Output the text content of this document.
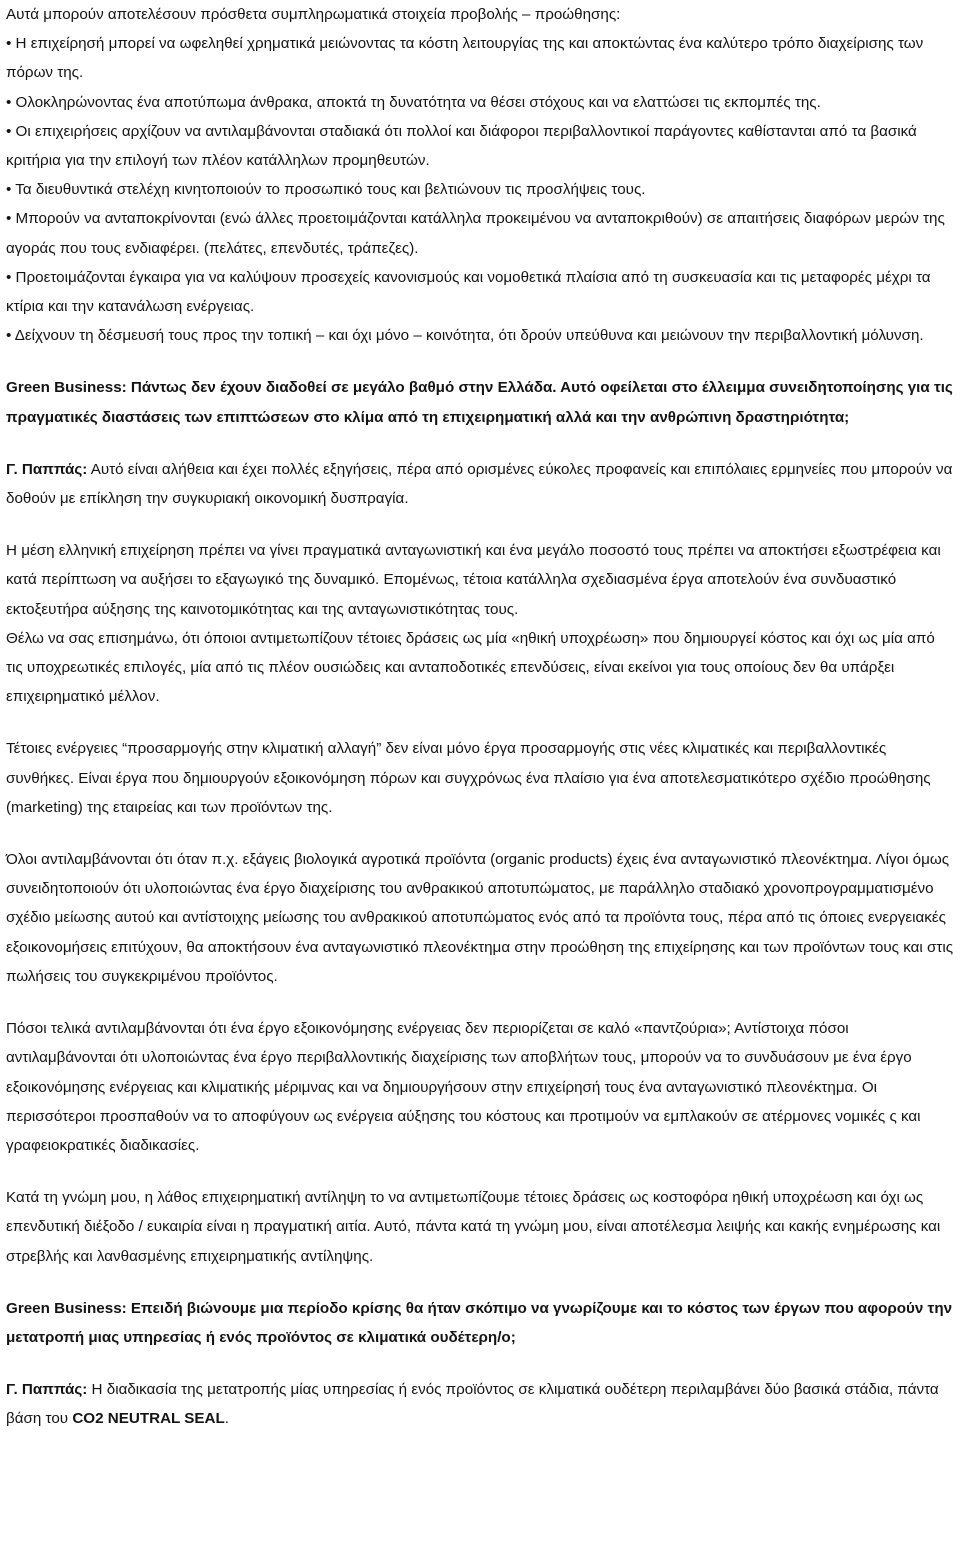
Αυτά μπορούν αποτελέσουν πρόσθετα συμπληρωματικά στοιχεία προβολής – προώθησης:

• Η επιχείρησή μπορεί να ωφεληθεί χρηματικά μειώνοντας τα κόστη λειτουργίας της και αποκτώντας ένα καλύτερο τρόπο διαχείρισης των πόρων της.

• Ολοκληρώνοντας ένα αποτύπωμα άνθρακα, αποκτά τη δυνατότητα να θέσει στόχους και να ελαττώσει τις εκπομπές της.

• Οι επιχειρήσεις αρχίζουν να αντιλαμβάνονται σταδιακά ότι πολλοί και διάφοροι περιβαλλοντικοί παράγοντες καθίστανται από τα βασικά κριτήρια για την επιλογή των πλέον κατάλληλων προμηθευτών.

• Τα διευθυντικά στελέχη κινητοποιούν το προσωπικό τους και βελτιώνουν τις προσλήψεις τους.

• Μπορούν να ανταποκρίνονται (ενώ άλλες προετοιμάζονται κατάλληλα προκειμένου να ανταποκριθούν) σε απαιτήσεις διαφόρων μερών της αγοράς που τους ενδιαφέρει. (πελάτες, επενδυτές, τράπεζες).

• Προετοιμάζονται έγκαιρα για να καλύψουν προσεχείς κανονισμούς και νομοθετικά πλαίσια από τη συσκευασία και τις μεταφορές μέχρι τα κτίρια και την κατανάλωση ενέργειας.

• Δείχνουν τη δέσμευσή τους προς την τοπική – και όχι μόνο – κοινότητα, ότι δρούν υπεύθυνα και μειώνουν την περιβαλλοντική μόλυνση.

Green Business: Πάντως δεν έχουν διαδοθεί σε μεγάλο βαθμό στην Ελλάδα. Αυτό οφείλεται στο έλλειμμα συνειδητοποίησης για τις πραγματικές διαστάσεις των επιπτώσεων στο κλίμα από τη επιχειρηματική αλλά και την ανθρώπινη δραστηριότητα;

Γ. Παππάς: Αυτό είναι αλήθεια και έχει πολλές εξηγήσεις, πέρα από ορισμένες εύκολες προφανείς και επιπόλαιες ερμηνείες που μπορούν να δοθούν με επίκληση την συγκυριακή οικονομική δυσπραγία.

Η μέση ελληνική επιχείρηση πρέπει να γίνει πραγματικά ανταγωνιστική και ένα μεγάλο ποσοστό τους πρέπει να αποκτήσει εξωστρέφεια και κατά περίπτωση να αυξήσει το εξαγωγικό της δυναμικό. Επομένως, τέτοια κατάλληλα σχεδιασμένα έργα αποτελούν ένα συνδυαστικό εκτοξευτήρα αύξησης της καινοτομικότητας και της ανταγωνιστικότητας τους.

Θέλω να σας επισημάνω, ότι όποιοι αντιμετωπίζουν τέτοιες δράσεις ως μία «ηθική υποχρέωση» που δημιουργεί κόστος και όχι ως μία από τις υποχρεωτικές επιλογές, μία από τις πλέον ουσιώδεις και ανταποδοτικές επενδύσεις, είναι εκείνοι για τους οποίους δεν θα υπάρξει επιχειρηματικό μέλλον.

Τέτοιες ενέργειες “προσαρμογής στην κλιματική αλλαγή” δεν είναι μόνο έργα προσαρμογής στις νέες κλιματικές και περιβαλλοντικές συνθήκες. Είναι έργα που δημιουργούν εξοικονόμηση πόρων και συγχρόνως ένα πλαίσιο για ένα αποτελεσματικότερο σχέδιο προώθησης (marketing) της εταιρείας και των προϊόντων της.

Όλοι αντιλαμβάνονται ότι όταν π.χ. εξάγεις βιολογικά αγροτικά προϊόντα (organic products) έχεις ένα ανταγωνιστικό πλεονέκτημα. Λίγοι όμως συνειδητοποιούν ότι υλοποιώντας ένα έργο διαχείρισης του ανθρακικού αποτυπώματος, με παράλληλο σταδιακό χρονοπρογραμματισμένο σχέδιο μείωσης αυτού και αντίστοιχης μείωσης του ανθρακικού αποτυπώματος ενός από τα προϊόντα τους, πέρα από τις όποιες ενεργειακές εξοικονομήσεις επιτύχουν, θα αποκτήσουν ένα ανταγωνιστικό πλεονέκτημα στην προώθηση της επιχείρησης και των προϊόντων τους και στις πωλήσεις του συγκεκριμένου προϊόντος.

Πόσοι τελικά αντιλαμβάνονται ότι ένα έργο εξοικονόμησης ενέργειας δεν περιορίζεται σε καλό «παντζούρια»; Αντίστοιχα πόσοι αντιλαμβάνονται ότι υλοποιώντας ένα έργο περιβαλλοντικής διαχείρισης των αποβλήτων τους, μπορούν να το συνδυάσουν με ένα έργο εξοικονόμησης ενέργειας και κλιματικής μέριμνας και να δημιουργήσουν στην επιχείρησή τους ένα ανταγωνιστικό πλεονέκτημα. Οι περισσότεροι προσπαθούν να το αποφύγουν ως ενέργεια αύξησης του κόστους και προτιμούν να εμπλακούν σε ατέρμονες νομικές ς και γραφειοκρατικές διαδικασίες.

Κατά τη γνώμη μου, η λάθος επιχειρηματική αντίληψη το να αντιμετωπίζουμε τέτοιες δράσεις ως κοστοφόρα ηθική υποχρέωση και όχι ως επενδυτική διέξοδο / ευκαιρία είναι η πραγματική αιτία. Αυτό, πάντα κατά τη γνώμη μου, είναι αποτέλεσμα λειψής και κακής ενημέρωσης και στρεβλής και λανθασμένης επιχειρηματικής αντίληψης.

Green Business: Επειδή βιώνουμε μια περίοδο κρίσης θα ήταν σκόπιμο να γνωρίζουμε και το κόστος των έργων που αφορούν την μετατροπή μιας υπηρεσίας ή ενός προϊόντος σε κλιματικά ουδέτερη/ο;

Γ. Παππάς: Η διαδικασία της μετατροπής μίας υπηρεσίας ή ενός προϊόντος σε κλιματικά ουδέτερη περιλαμβάνει δύο βασικά στάδια, πάντα βάση του CO2 NEUTRAL SEAL.
